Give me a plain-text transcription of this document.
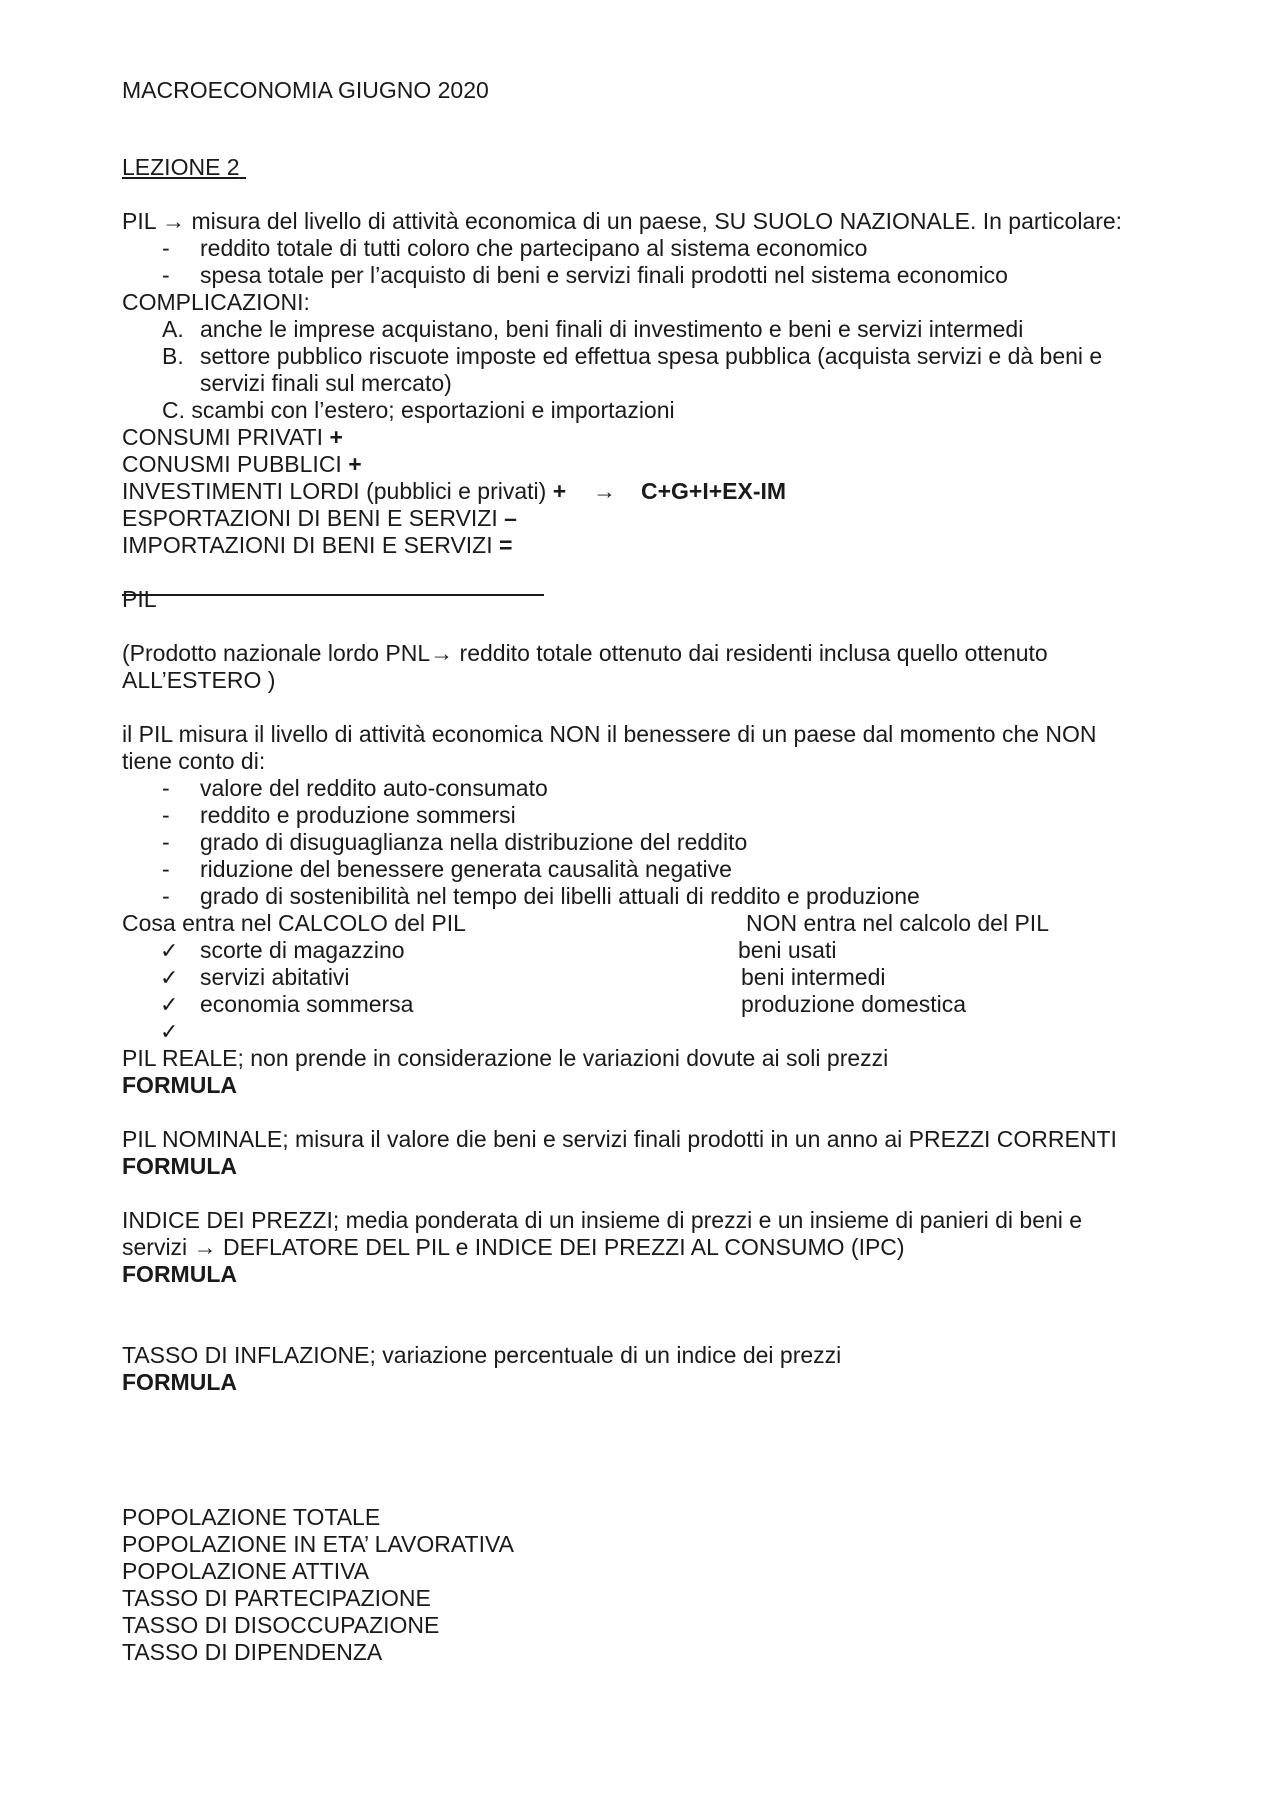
MACROECONOMIA GIUGNO 2020
LEZIONE 2
PIL → misura del livello di attività economica di un paese, SU SUOLO NAZIONALE. In particolare:
- reddito totale di tutti coloro che partecipano al sistema economico
- spesa totale per l’acquisto di beni e servizi finali prodotti nel sistema economico
COMPLICAZIONI:
A. anche le imprese acquistano, beni finali di investimento e beni e servizi intermedi
B. settore pubblico riscuote imposte ed effettua spesa pubblica (acquista servizi e dà beni e
servizi finali sul mercato)
C. scambi con l’estero; esportazioni e importazioni
CONSUMI PRIVATI +
CONUSMI PUBBLICI +
INVESTIMENTI LORDI (pubblici e privati) + → C+G+I+EX-IM
ESPORTAZIONI DI BENI E SERVIZI –
IMPORTAZIONI DI BENI E SERVIZI =
PIL
(Prodotto nazionale lordo PNL→ reddito totale ottenuto dai residenti inclusa quello ottenuto
ALL’ESTERO )
il PIL misura il livello di attività economica NON il benessere di un paese dal momento che NON
tiene conto di:
- valore del reddito auto-consumato
- reddito e produzione sommersi
- grado di disuguaglianza nella distribuzione del reddito
- riduzione del benessere generata causalità negative
- grado di sostenibilità nel tempo dei libelli attuali di reddito e produzione
Cosa entra nel CALCOLO del PIL	NON entra nel calcolo del PIL
✓ scorte di magazzino	beni usati
✓ servizi abitativi	beni intermedi
✓ economia sommersa	produzione domestica
✓
PIL REALE; non prende in considerazione le variazioni dovute ai soli prezzi
FORMULA
PIL NOMINALE; misura il valore die beni e servizi finali prodotti in un anno ai PREZZI CORRENTI
FORMULA
INDICE DEI PREZZI; media ponderata di un insieme di prezzi e un insieme di panieri di beni e
servizi → DEFLATORE DEL PIL e INDICE DEI PREZZI AL CONSUMO (IPC)
FORMULA
TASSO DI INFLAZIONE; variazione percentuale di un indice dei prezzi
FORMULA
POPOLAZIONE TOTALE
POPOLAZIONE IN ETA’ LAVORATIVA
POPOLAZIONE ATTIVA
TASSO DI PARTECIPAZIONE
TASSO DI DISOCCUPAZIONE
TASSO DI DIPENDENZA
